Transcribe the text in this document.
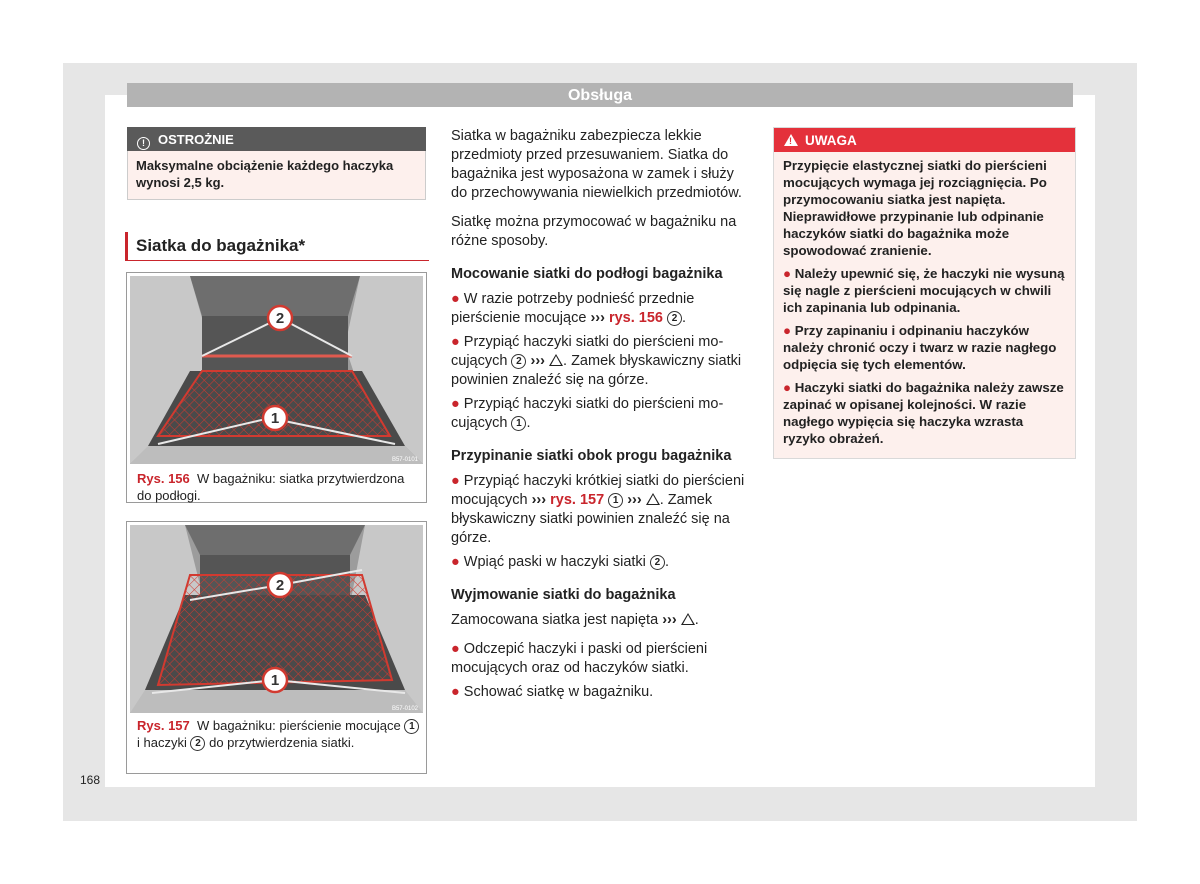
Obsługa
! OSTROŻNIE
Maksymalne obciążenie każdego haczyka wynosi 2,5 kg.
Siatka do bagażnika*
2
1
B57-0101
Rys. 156 W bagażniku: siatka przytwierdzona do podłogi.
2
1
B57-0102
Rys. 157 W bagażniku: pierścienie mocujące 1 i haczyki 2 do przytwierdzenia siatki.

Siatka w bagażniku zabezpiecza lekkie przedmioty przed przesuwaniem. Siatka do bagażnika jest wyposażona w zamek i służy do przechowywania niewielkich przedmiotów.

Siatkę można przymocować w bagażniku na różne sposoby.

Mocowanie siatki do podłogi bagażnika
● W razie potrzeby podnieść przednie pierścienie mocujące ››› rys. 156 2 .
● Przypiąć haczyki siatki do pierścieni mocujących 2 ››› . Zamek błyskawiczny siatki powinien znaleźć się na górze.
● Przypiąć haczyki siatki do pierścieni mocujących 1 .
Przypinanie siatki obok progu bagażnika
● Przypiąć haczyki krótkiej siatki do pierścieni mocujących ››› rys. 157 1 ››› . Zamek błyskawiczny siatki powinien znaleźć się na górze.
● Wpiąć paski w haczyki siatki 2 .
Wyjmowanie siatki do bagażnika

Zamocowana siatka jest napięta ››› .

● Odczepić haczyki i paski od pierścieni mocujących oraz od haczyków siatki.
● Schować siatkę w bagażniku.
!UWAGA

Przypięcie elastycznej siatki do pierścieni mocujących wymaga jej rozciągnięcia. Po przymocowaniu siatka jest napięta. Nieprawidłowe przypinanie lub odpinanie haczyków siatki do bagażnika może spowodować zranienie.

● Należy upewnić się, że haczyki nie wysuną się nagle z pierścieni mocujących w chwili ich zapinania lub odpinania.

● Przy zapinaniu i odpinaniu haczyków należy chronić oczy i twarz w razie nagłego odpięcia się tych elementów.

● Haczyki siatki do bagażnika należy zawsze zapinać w opisanej kolejności. W razie nagłego wypięcia się haczyka wzrasta ryzyko obrażeń.

168
